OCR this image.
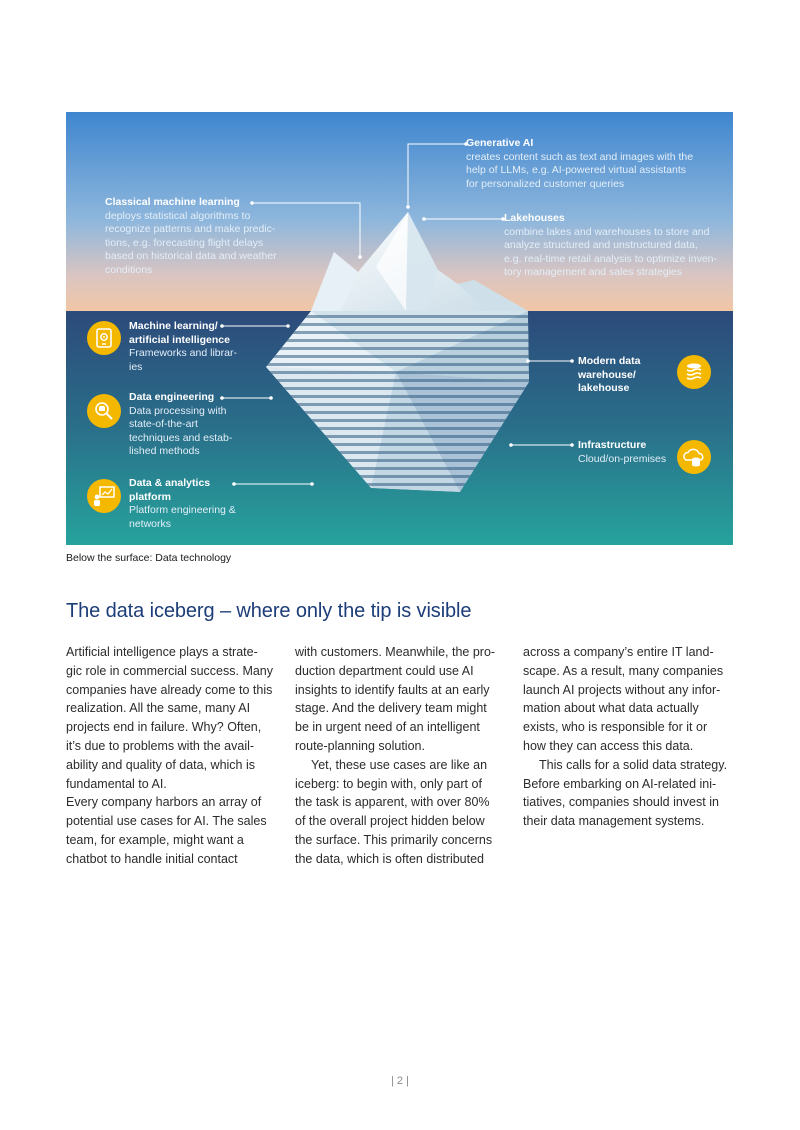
Classical machine learning
deploys statistical algorithms to
recognize patterns and make predic-
tions, e.g. forecasting flight delays
based on historical data and weather
conditions
Generative AI
creates content such as text and images with the
help of LLMs, e.g. AI-powered virtual assistants
for personalized customer queries
Lakehouses
combine lakes and warehouses to store and
analyze structured and unstructured data,
e.g. real-time retail analysis to optimize inven-
tory management and sales strategies
Machine learning/
artificial intelligence
Frameworks and librar-
ies
Data engineering
Data processing with
state-of-the-art
techniques and estab-
lished methods
Data & analytics
platform
Platform engineering &
networks
Modern data
warehouse/
lakehouse
Infrastructure
Cloud/on-premises
Below the surface: Data technology
The data iceberg – where only the tip is visible

Artificial intelligence plays a strate-

gic role in commercial success. Many

companies have already come to this

realization. All the same, many AI

projects end in failure. Why? Often,

it’s due to problems with the avail-

ability and quality of data, which is

fundamental to AI.

Every company harbors an array of

potential use cases for AI. The sales

team, for example, might want a

chatbot to handle initial contact

with customers. Meanwhile, the pro-

duction department could use AI

insights to identify faults at an early

stage. And the delivery team might

be in urgent need of an intelligent

route-planning solution.

Yet, these use cases are like an

iceberg: to begin with, only part of

the task is apparent, with over 80%

of the overall project hidden below

the surface. This primarily concerns

the data, which is often distributed

across a company’s entire IT land-

scape. As a result, many companies

launch AI projects without any infor-

mation about what data actually

exists, who is responsible for it or

how they can access this data.

This calls for a solid data strategy.

Before embarking on AI-related ini-

tiatives, companies should invest in

their data management systems.

| 2 |
